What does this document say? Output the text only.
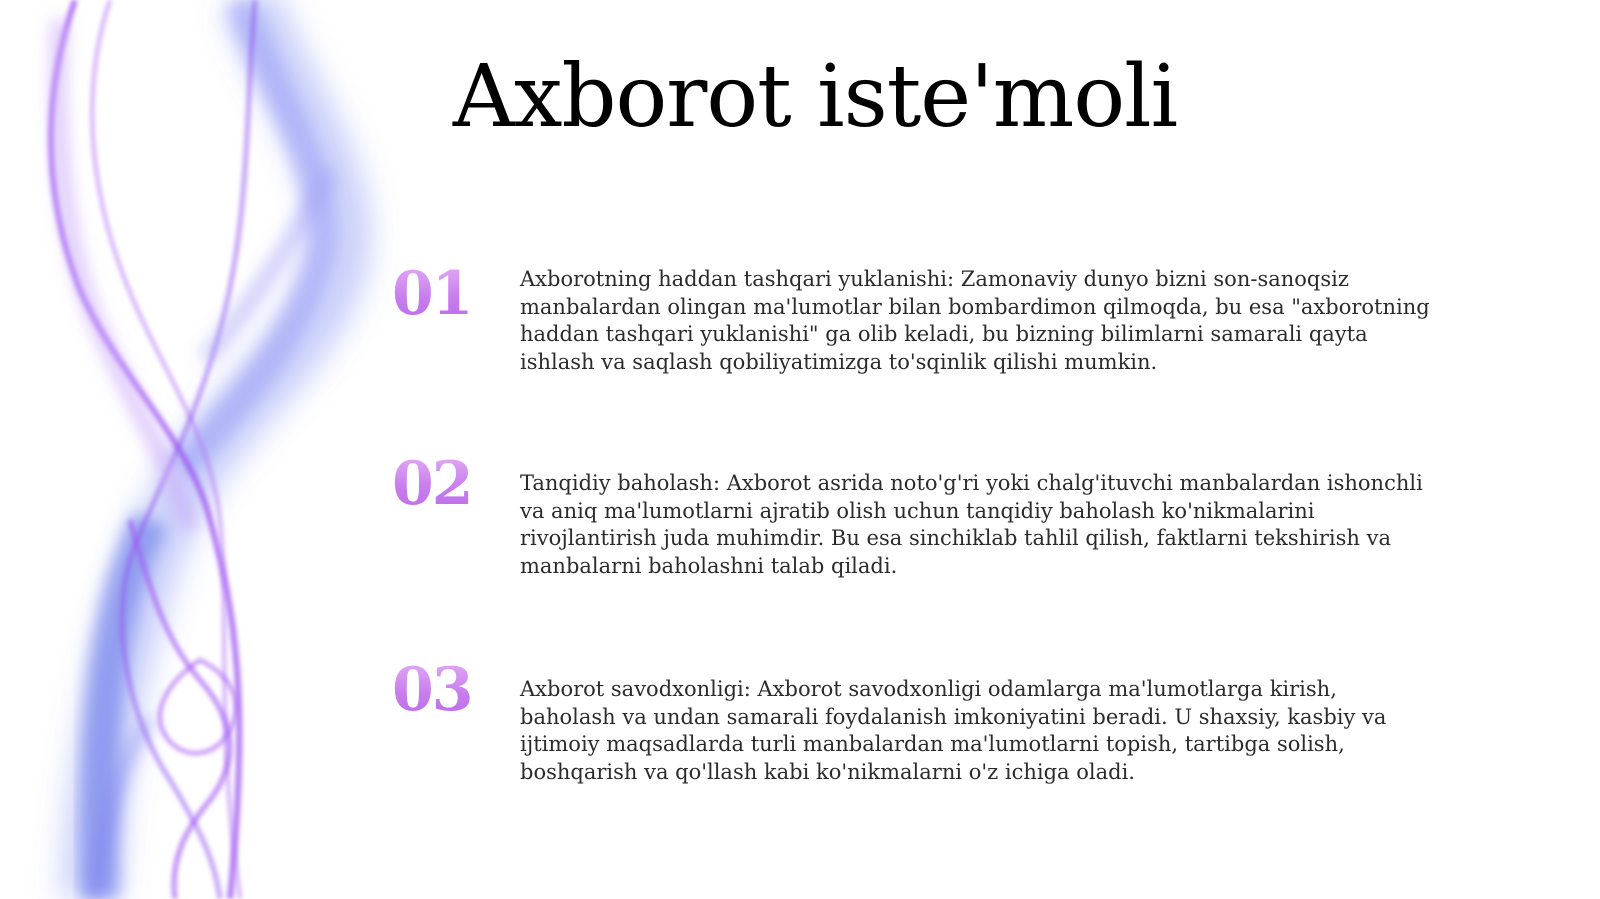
Axborot iste'moli
01	Axborotning haddan tashqari yuklanishi: Zamonaviy dunyo bizni son-sanoqsiz manbalardan olingan ma'lumotlar bilan bombardimon qilmoqda, bu esa "axborotning haddan tashqari yuklanishi" ga olib keladi, bu bizning bilimlarni samarali qayta ishlash va saqlash qobiliyatimizga to'sqinlik qilishi mumkin.

02	Tanqidiy baholash: Axborot asrida noto'g'ri yoki chalg'ituvchi manbalardan ishonchli va aniq ma'lumotlarni ajratib olish uchun tanqidiy baholash ko'nikmalarini rivojlantirish juda muhimdir. Bu esa sinchiklab tahlil qilish, faktlarni tekshirish va manbalarni baholashni talab qiladi.

03	Axborot savodxonligi: Axborot savodxonligi odamlarga ma'lumotlarga kirish, baholash va undan samarali foydalanish imkoniyatini beradi. U shaxsiy, kasbiy va ijtimoiy maqsadlarda turli manbalardan ma'lumotlarni topish, tartibga solish, boshqarish va qo'llash kabi ko'nikmalarni o'z ichiga oladi.
